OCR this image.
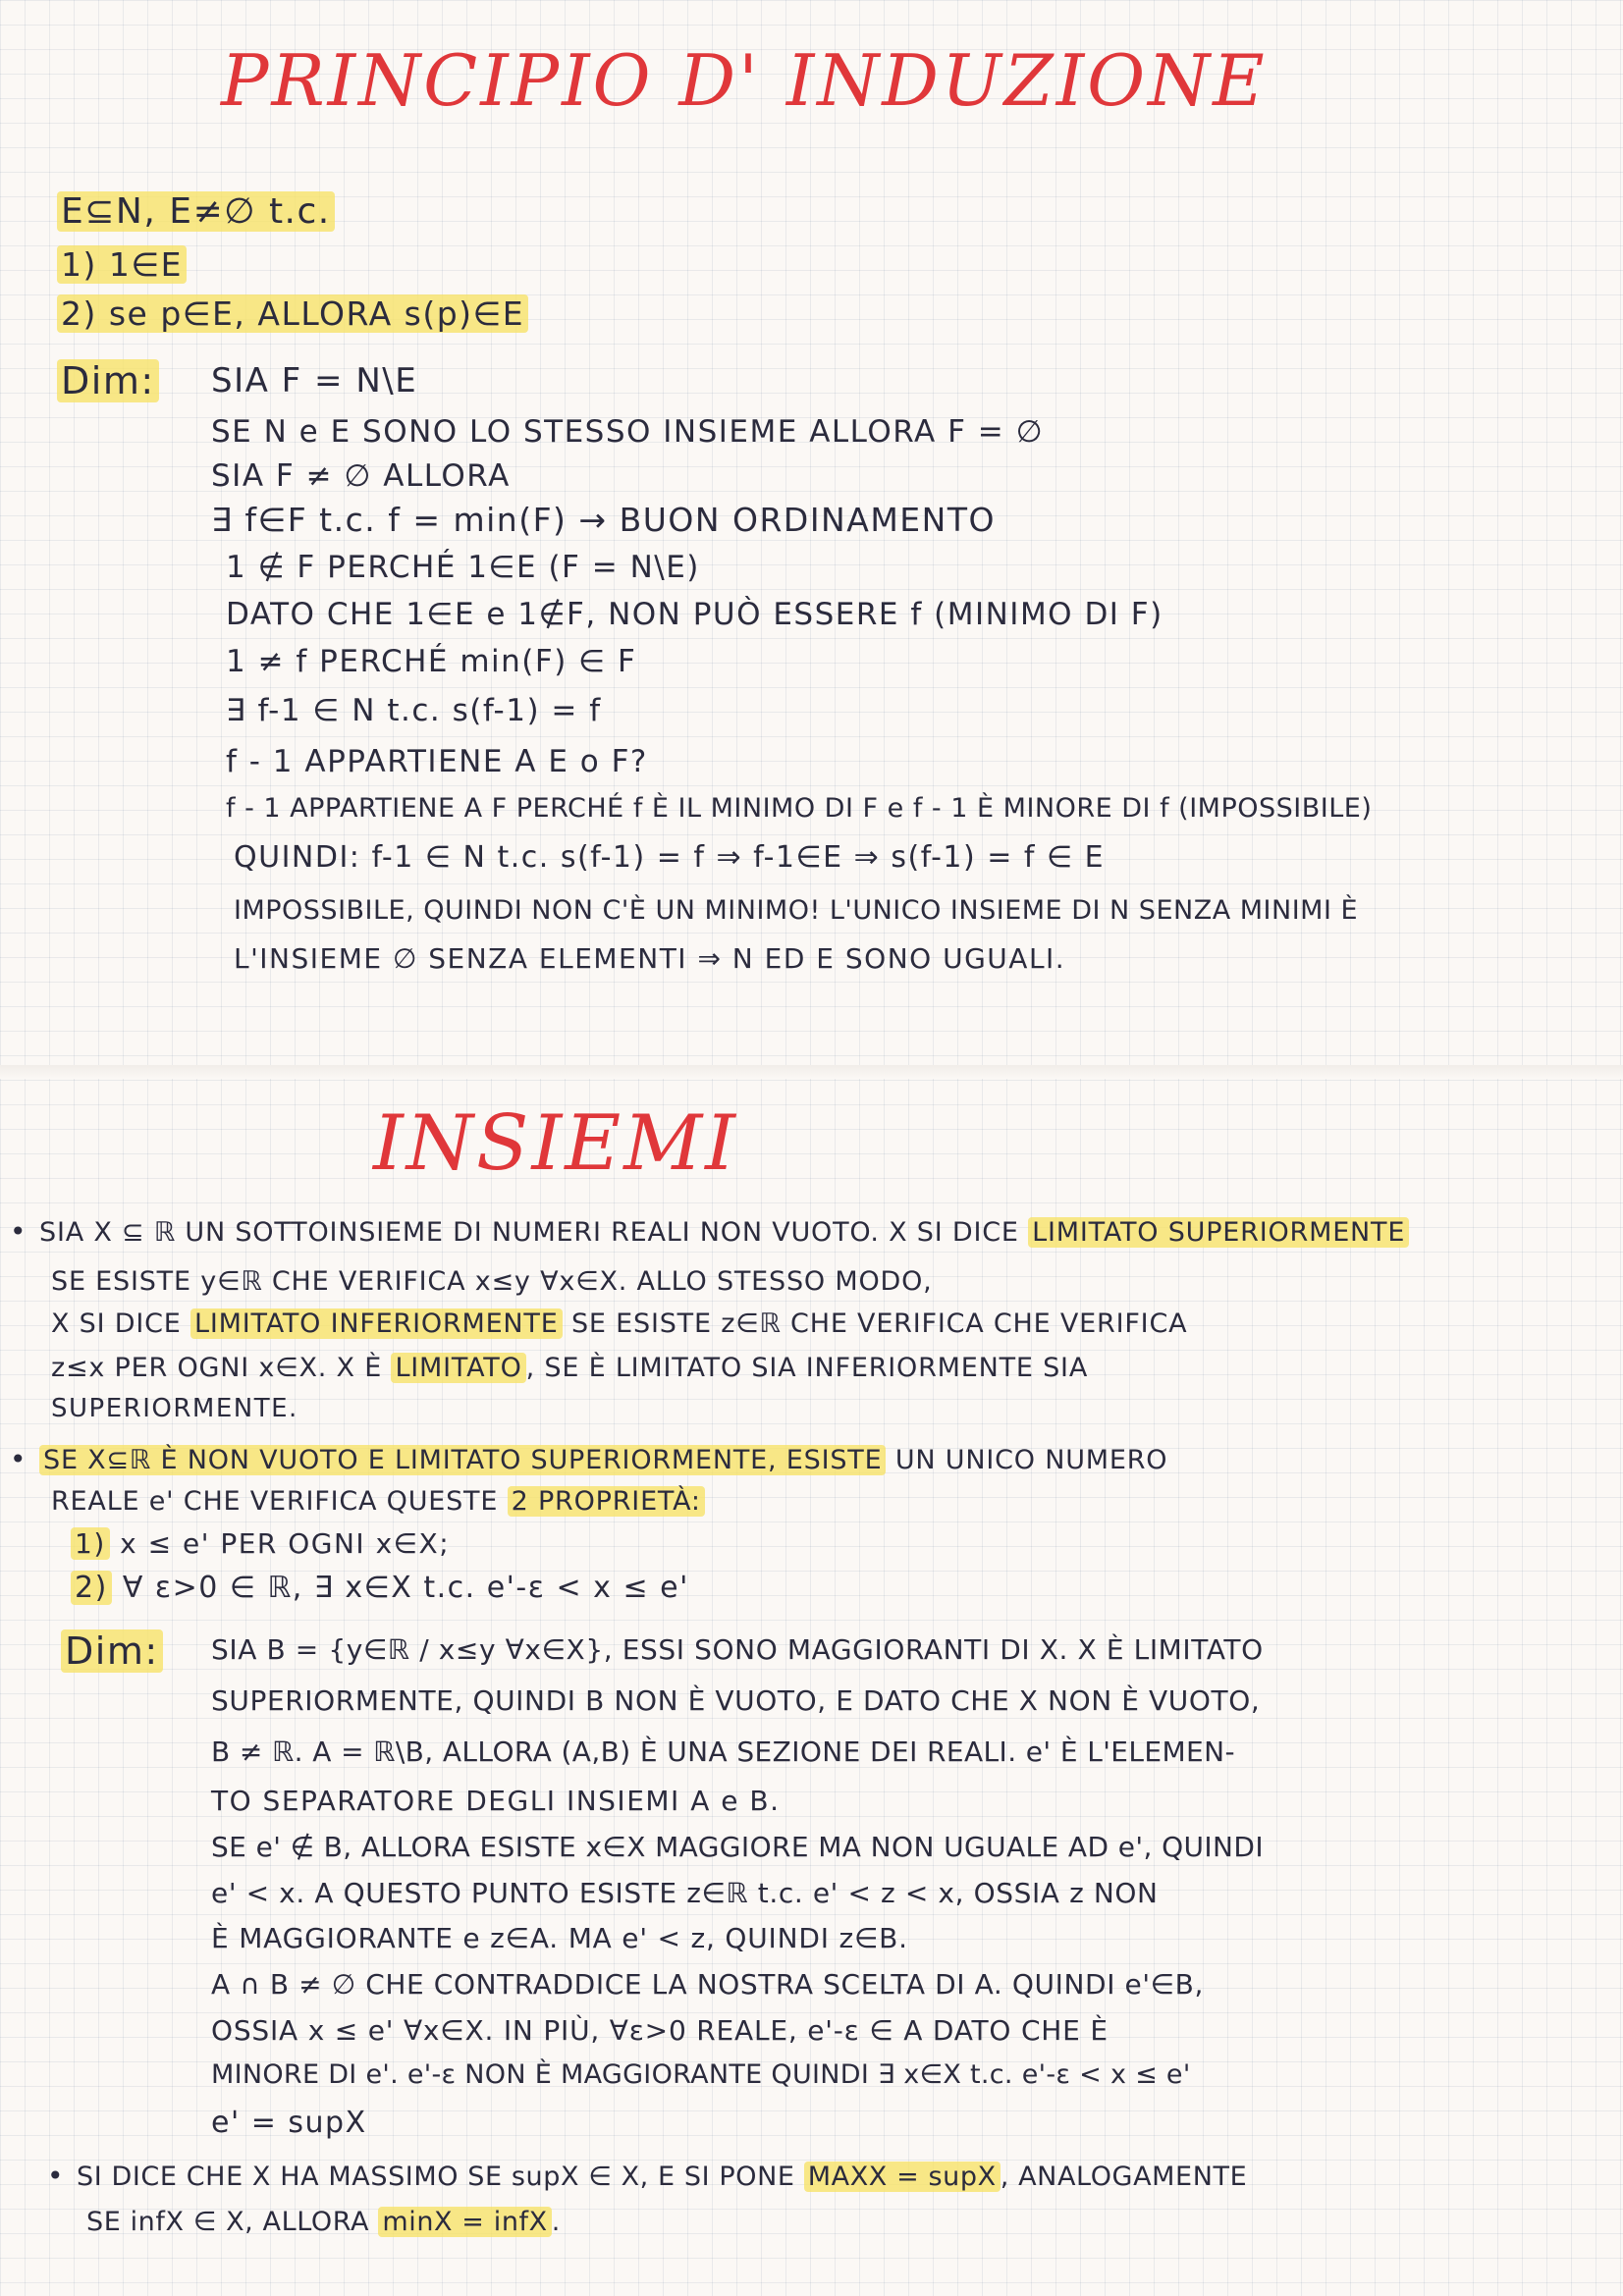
PRINCIPIO D' INDUZIONE
E⊆N, E≠∅ t.c.
1) 1∈E
2) se p∈E, ALLORA s(p)∈E
Dim: SIA F = N\E
SE N e E SONO LO STESSO INSIEME ALLORA F = ∅
SIA F ≠ ∅ ALLORA
∃ f∈F t.c. f = min(F) → BUON ORDINAMENTO
1 ∉ F PERCHÉ 1∈E (F = N\E)
DATO CHE 1∈E e 1∉F, NON PUÒ ESSERE f (MINIMO DI F)
1 ≠ f PERCHÉ min(F) ∈ F
∃ f-1 ∈ N t.c. s(f-1) = f
f - 1 APPARTIENE A E o F?
f - 1 APPARTIENE A F PERCHÉ f È IL MINIMO DI F e f - 1 È MINORE DI f (IMPOSSIBILE)
QUINDI: f-1 ∈ N t.c. s(f-1) = f ⇒ f-1∈E ⇒ s(f-1) = f ∈ E
IMPOSSIBILE, QUINDI NON C'È UN MINIMO! L'UNICO INSIEME DI N SENZA MINIMI È
L'INSIEME ∅ SENZA ELEMENTI ⇒ N ED E SONO UGUALI.
INSIEMI
• SIA X ⊆ ℝ UN SOTTOINSIEME DI NUMERI REALI NON VUOTO. X SI DICE LIMITATO SUPERIORMENTE
SE ESISTE y∈ℝ CHE VERIFICA x≤y ∀x∈X. ALLO STESSO MODO,
X SI DICE LIMITATO INFERIORMENTE SE ESISTE z∈ℝ CHE VERIFICA CHE VERIFICA
z≤x PER OGNI x∈X. X È LIMITATO , SE È LIMITATO SIA INFERIORMENTE SIA
SUPERIORMENTE.
• SE X⊆ℝ È NON VUOTO E LIMITATO SUPERIORMENTE, ESISTE UN UNICO NUMERO
REALE e' CHE VERIFICA QUESTE 2 PROPRIETÀ:
1) x ≤ e' PER OGNI x∈X;
2) ∀ ε>0 ∈ ℝ, ∃ x∈X t.c. e'-ε < x ≤ e'
Dim: SIA B = {y∈ℝ / x≤y ∀x∈X}, ESSI SONO MAGGIORANTI DI X. X È LIMITATO
SUPERIORMENTE, QUINDI B NON È VUOTO, E DATO CHE X NON È VUOTO,
B ≠ ℝ. A = ℝ\B, ALLORA (A,B) È UNA SEZIONE DEI REALI. e' È L'ELEMEN-
TO SEPARATORE DEGLI INSIEMI A e B.
SE e' ∉ B, ALLORA ESISTE x∈X MAGGIORE MA NON UGUALE AD e', QUINDI
e' < x. A QUESTO PUNTO ESISTE z∈ℝ t.c. e' < z < x, OSSIA z NON
È MAGGIORANTE e z∈A. MA e' < z, QUINDI z∈B.
A ∩ B ≠ ∅ CHE CONTRADDICE LA NOSTRA SCELTA DI A. QUINDI e'∈B,
OSSIA x ≤ e' ∀x∈X. IN PIÙ, ∀ε>0 REALE, e'-ε ∈ A DATO CHE È
MINORE DI e'. e'-ε NON È MAGGIORANTE QUINDI ∃ x∈X t.c. e'-ε < x ≤ e'
e' = supX
• SI DICE CHE X HA MASSIMO SE supX ∈ X, E SI PONE MAXX = supX , ANALOGAMENTE
SE infX ∈ X, ALLORA minX = infX .
